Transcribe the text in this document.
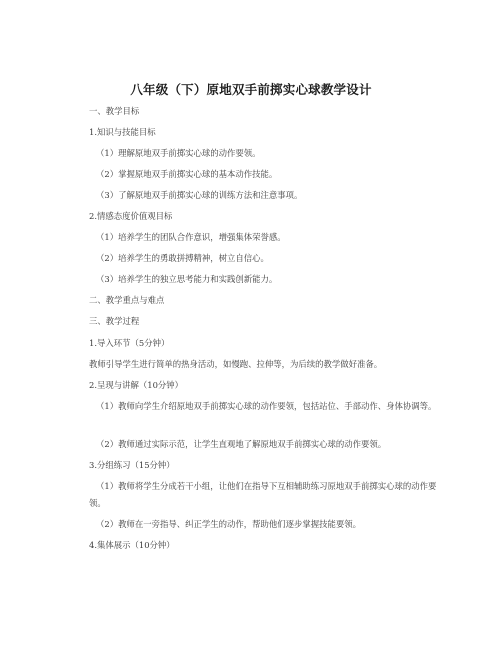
八年级（下）原地双手前掷实心球教学设计
一、教学目标
1.知识与技能目标
（1）理解原地双手前掷实心球的动作要领。
（2）掌握原地双手前掷实心球的基本动作技能。
（3）了解原地双手前掷实心球的训练方法和注意事项。
2.情感态度价值观目标
（1）培养学生的团队合作意识，增强集体荣誉感。
（2）培养学生的勇敢拼搏精神，树立自信心。
（3）培养学生的独立思考能力和实践创新能力。
二、教学重点与难点
三、教学过程
1.导入环节（5分钟）
教师引导学生进行简单的热身活动，如慢跑、拉伸等，为后续的教学做好准备。
2.呈现与讲解（10分钟）
（1）教师向学生介绍原地双手前掷实心球的动作要领，包括站位、手部动作、身体协调等。
（2）教师通过实际示范，让学生直观地了解原地双手前掷实心球的动作要领。
3.分组练习（15分钟）
（1）教师将学生分成若干小组，让他们在指导下互相辅助练习原地双手前掷实心球的动作要领。
（2）教师在一旁指导、纠正学生的动作，帮助他们逐步掌握技能要领。
4.集体展示（10分钟）
